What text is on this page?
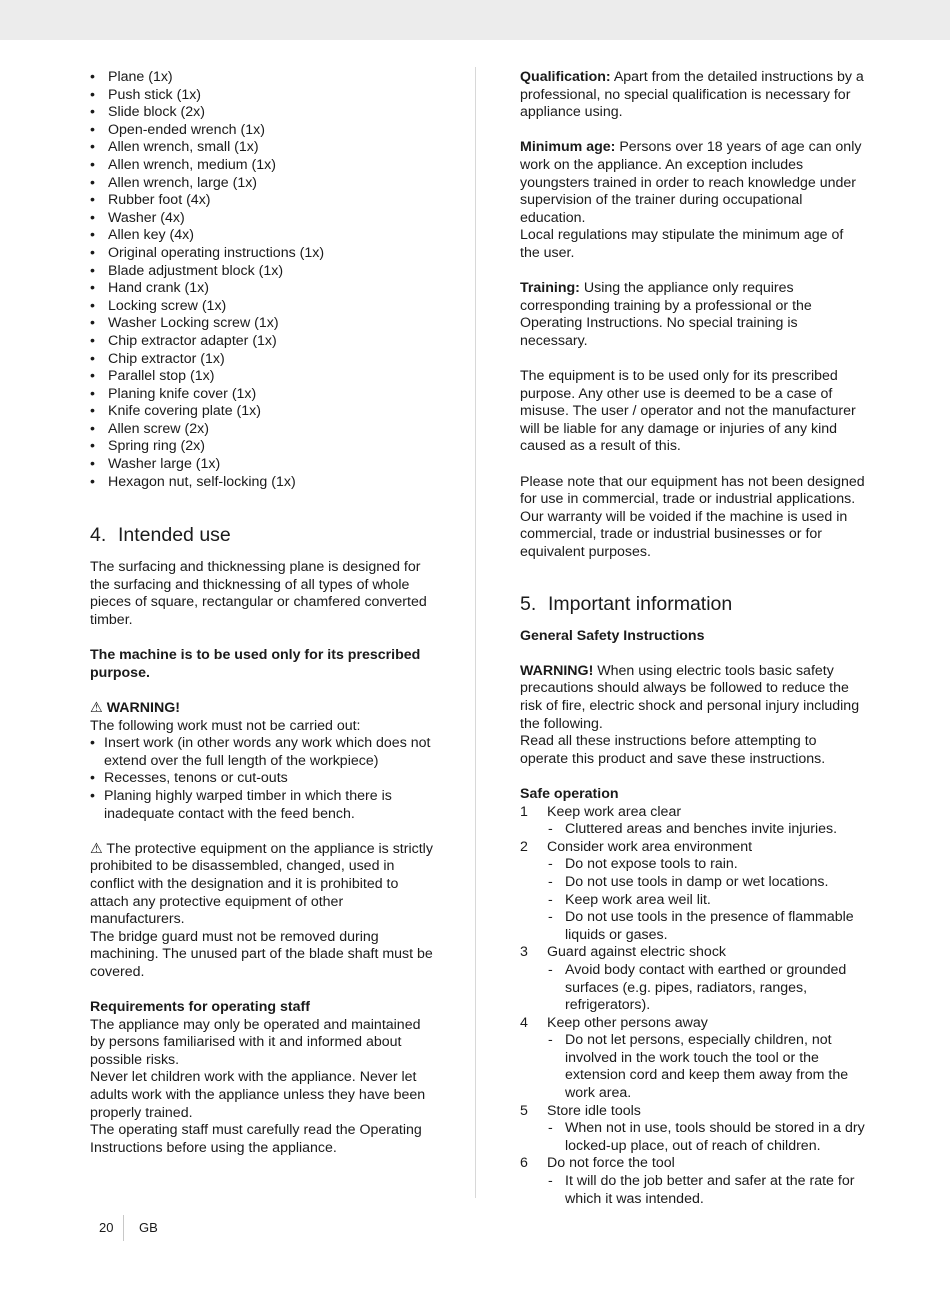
• Plane (1x)
• Push stick (1x)
• Slide block (2x)
• Open-ended wrench (1x)
• Allen wrench, small (1x)
• Allen wrench, medium (1x)
• Allen wrench, large (1x)
• Rubber foot (4x)
• Washer (4x)
• Allen key (4x)
• Original operating instructions (1x)
• Blade adjustment block (1x)
• Hand crank (1x)
• Locking screw (1x)
• Washer Locking screw (1x)
• Chip extractor adapter (1x)
• Chip extractor (1x)
• Parallel stop (1x)
• Planing knife cover (1x)
• Knife covering plate (1x)
• Allen screw (2x)
• Spring ring (2x)
• Washer large (1x)
• Hexagon nut, self-locking (1x)
4. Intended use

The surfacing and thicknessing plane is designed for the surfacing and thicknessing of all types of whole pieces of square, rectangular or chamfered converted timber.

The machine is to be used only for its prescribed purpose.

⚠ WARNING!

The following work must not be carried out:

• Insert work (in other words any work which does not extend over the full length of the workpiece)
• Recesses, tenons or cut-outs
• Planing highly warped timber in which there is inadequate contact with the feed bench.

⚠ The protective equipment on the appliance is strictly prohibited to be disassembled, changed, used in conflict with the designation and it is prohibited to attach any protective equipment of other manufacturers.

The bridge guard must not be removed during machining. The unused part of the blade shaft must be covered.

Requirements for operating staff

The appliance may only be operated and maintained by persons familiarised with it and informed about possible risks.

Never let children work with the appliance. Never let adults work with the appliance unless they have been properly trained.

The operating staff must carefully read the Operating Instructions before using the appliance.

Qualification: Apart from the detailed instructions by a professional, no special qualification is necessary for appliance using.

Minimum age: Persons over 18 years of age can only work on the appliance. An exception includes youngsters trained in order to reach knowledge under supervision of the trainer during occupational education.

Local regulations may stipulate the minimum age of the user.

Training: Using the appliance only requires corresponding training by a professional or the Operating Instructions. No special training is necessary.

The equipment is to be used only for its prescribed purpose. Any other use is deemed to be a case of misuse. The user / operator and not the manufacturer will be liable for any damage or injuries of any kind caused as a result of this.

Please note that our equipment has not been designed for use in commercial, trade or industrial applications. Our warranty will be voided if the machine is used in commercial, trade or industrial businesses or for equivalent purposes.

5. Important information

General Safety Instructions

WARNING! When using electric tools basic safety precautions should always be followed to reduce the risk of fire, electric shock and personal injury including the following.

Read all these instructions before attempting to operate this product and save these instructions.

Safe operation

1 Keep work area clear
- Cluttered areas and benches invite injuries.
2 Consider work area environment
- Do not expose tools to rain.
- Do not use tools in damp or wet locations.
- Keep work area weil lit.
- Do not use tools in the presence of flammable liquids or gases.
3 Guard against electric shock
- Avoid body contact with earthed or grounded surfaces (e.g. pipes, radiators, ranges, refrigerators).
4 Keep other persons away
- Do not let persons, especially children, not involved in the work touch the tool or the extension cord and keep them away from the work area.
5 Store idle tools
- When not in use, tools should be stored in a dry locked-up place, out of reach of children.
6 Do not force the tool
- It will do the job better and safer at the rate for which it was intended.
20 GB
